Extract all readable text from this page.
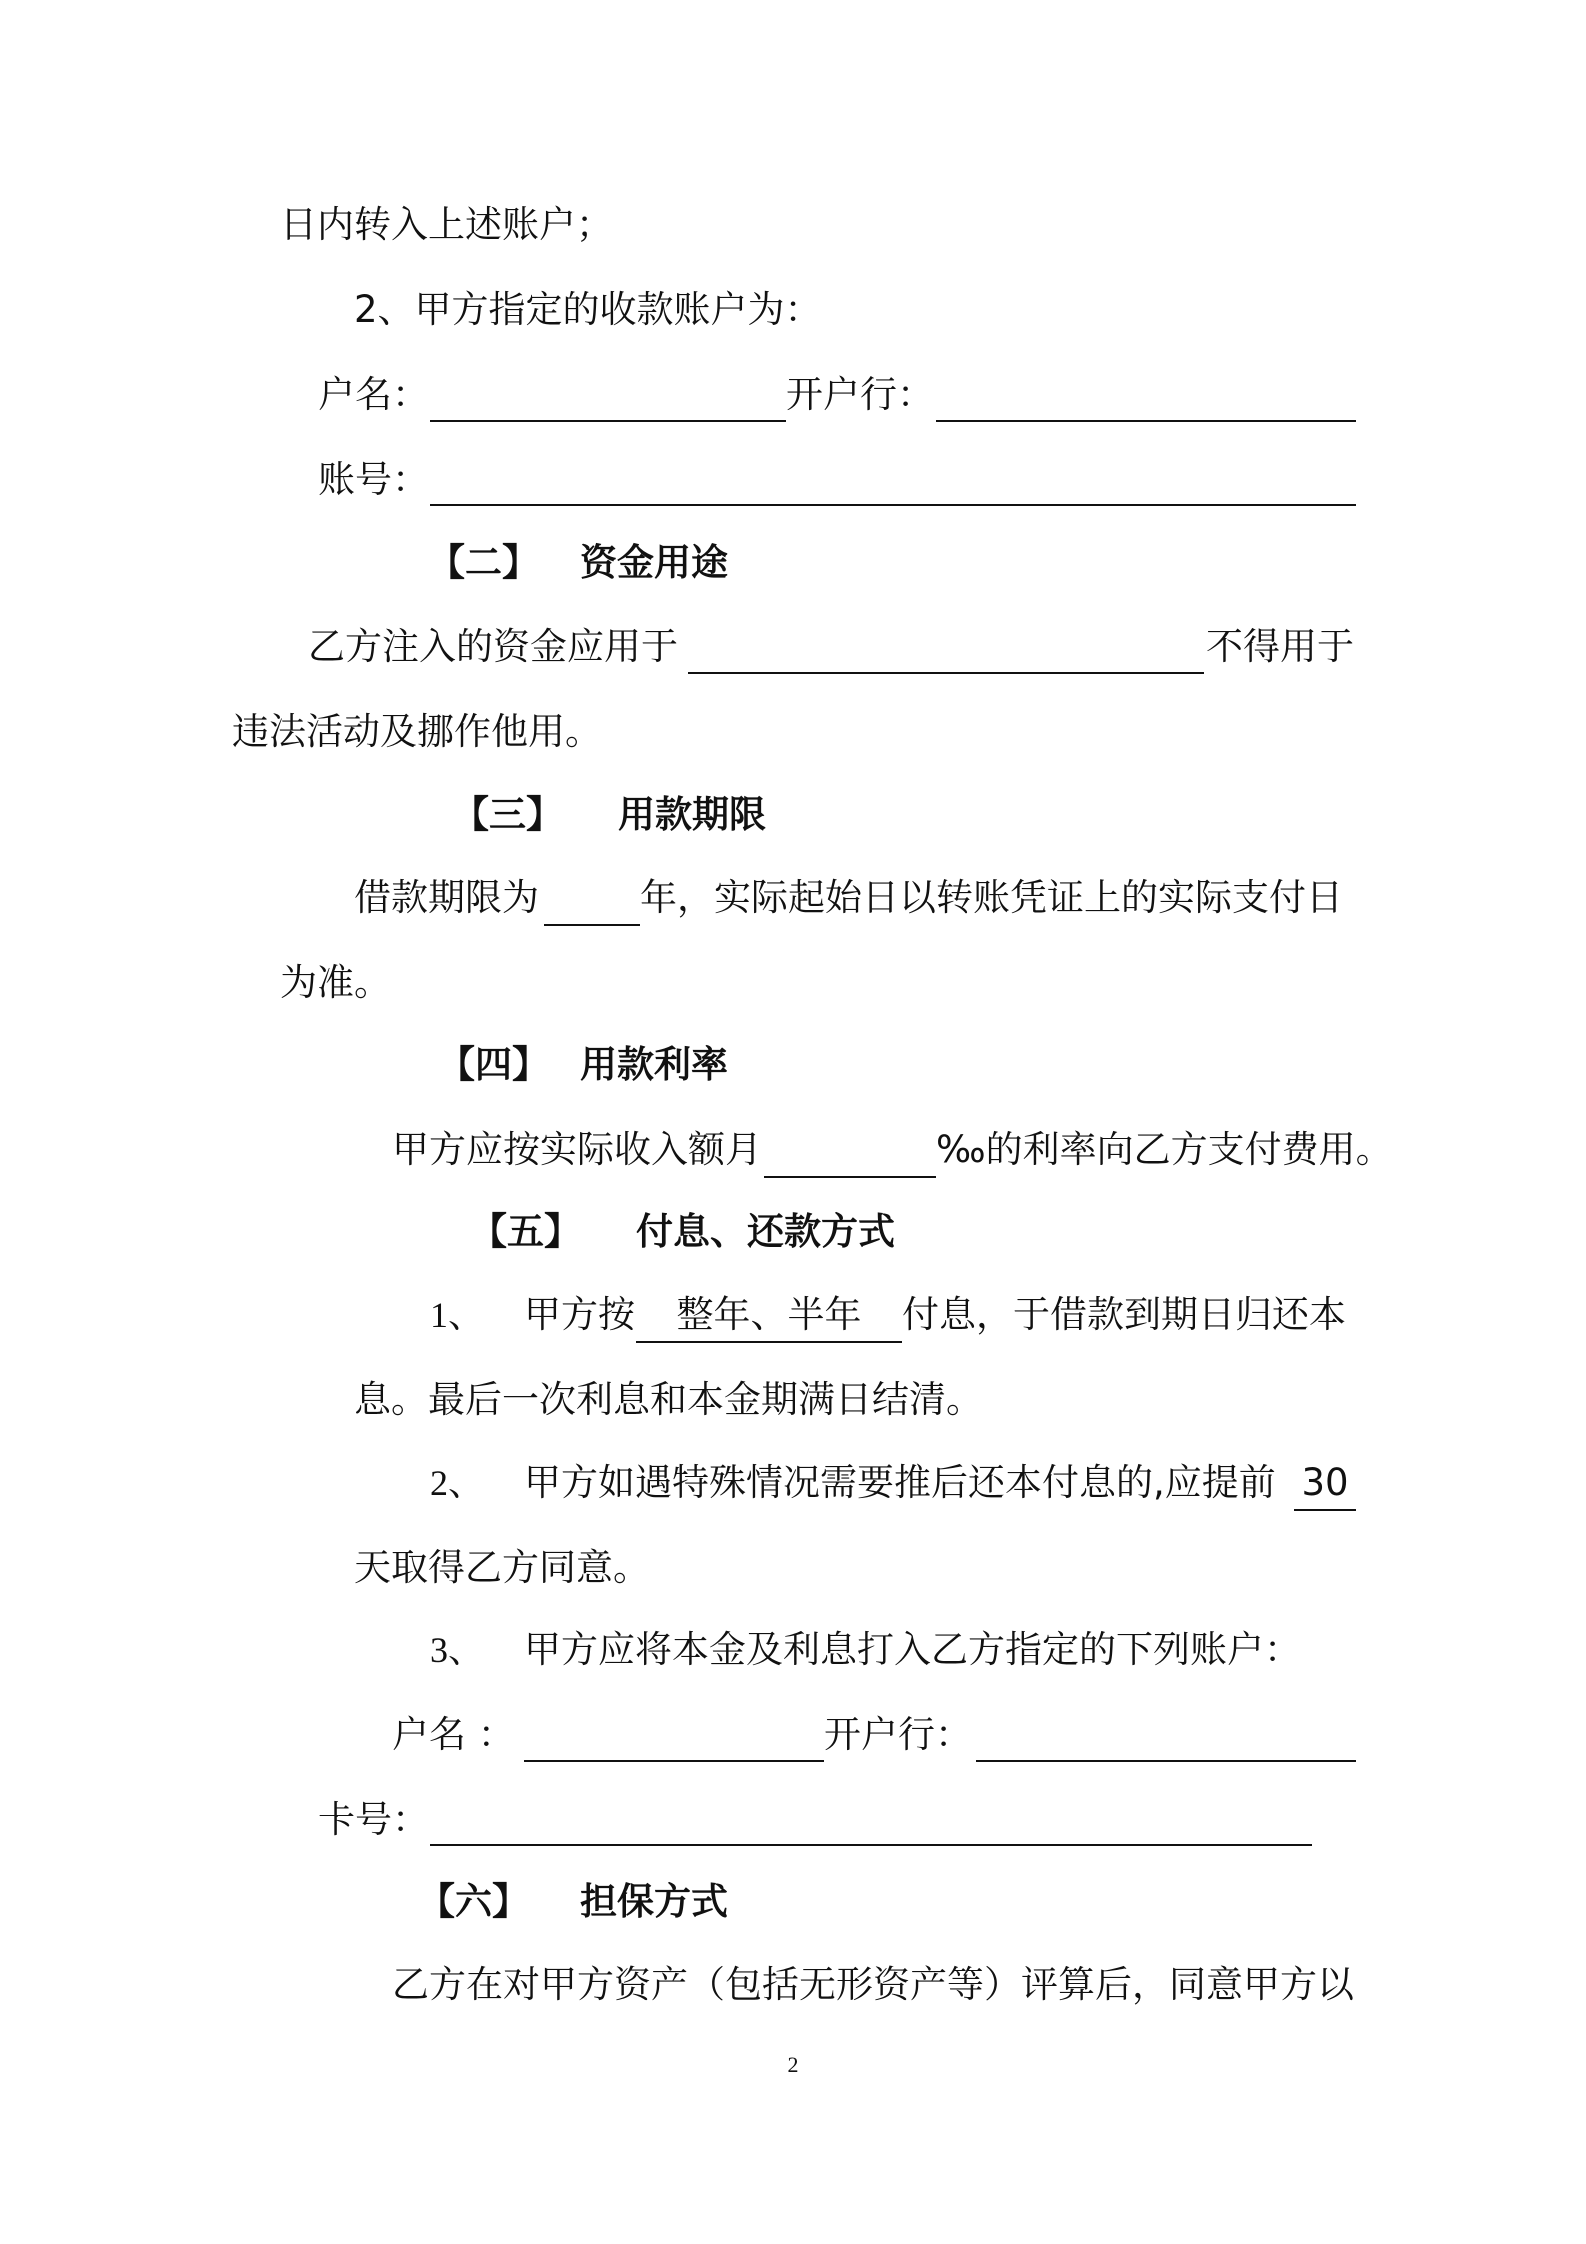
日内转入上述账户；
2、甲方指定的收款账户为：
户名：	开户行：
账号：
【二】 资金用途
乙方注入的资金应用于	不得用于
违法活动及挪作他用。
【三】 用款期限
借款期限为	年，实际起始日以转账凭证上的实际支付日
为准。
【四】 用款利率
甲方应按实际收入额月	‰的利率向乙方支付费用。
【五】 付息、还款方式
1、 甲方按	整年、半年	付息，于借款到期日归还本
息。最后一次利息和本金期满日结清。
2、 甲方如遇特殊情况需要推后还本付息的,应提前 30
天取得乙方同意。
3、 甲方应将本金及利息打入乙方指定的下列账户：
户名 ：	开户行：
卡号：
【六】 担保方式
乙方在对甲方资产（包括无形资产等）评算后，同意甲方以
2
